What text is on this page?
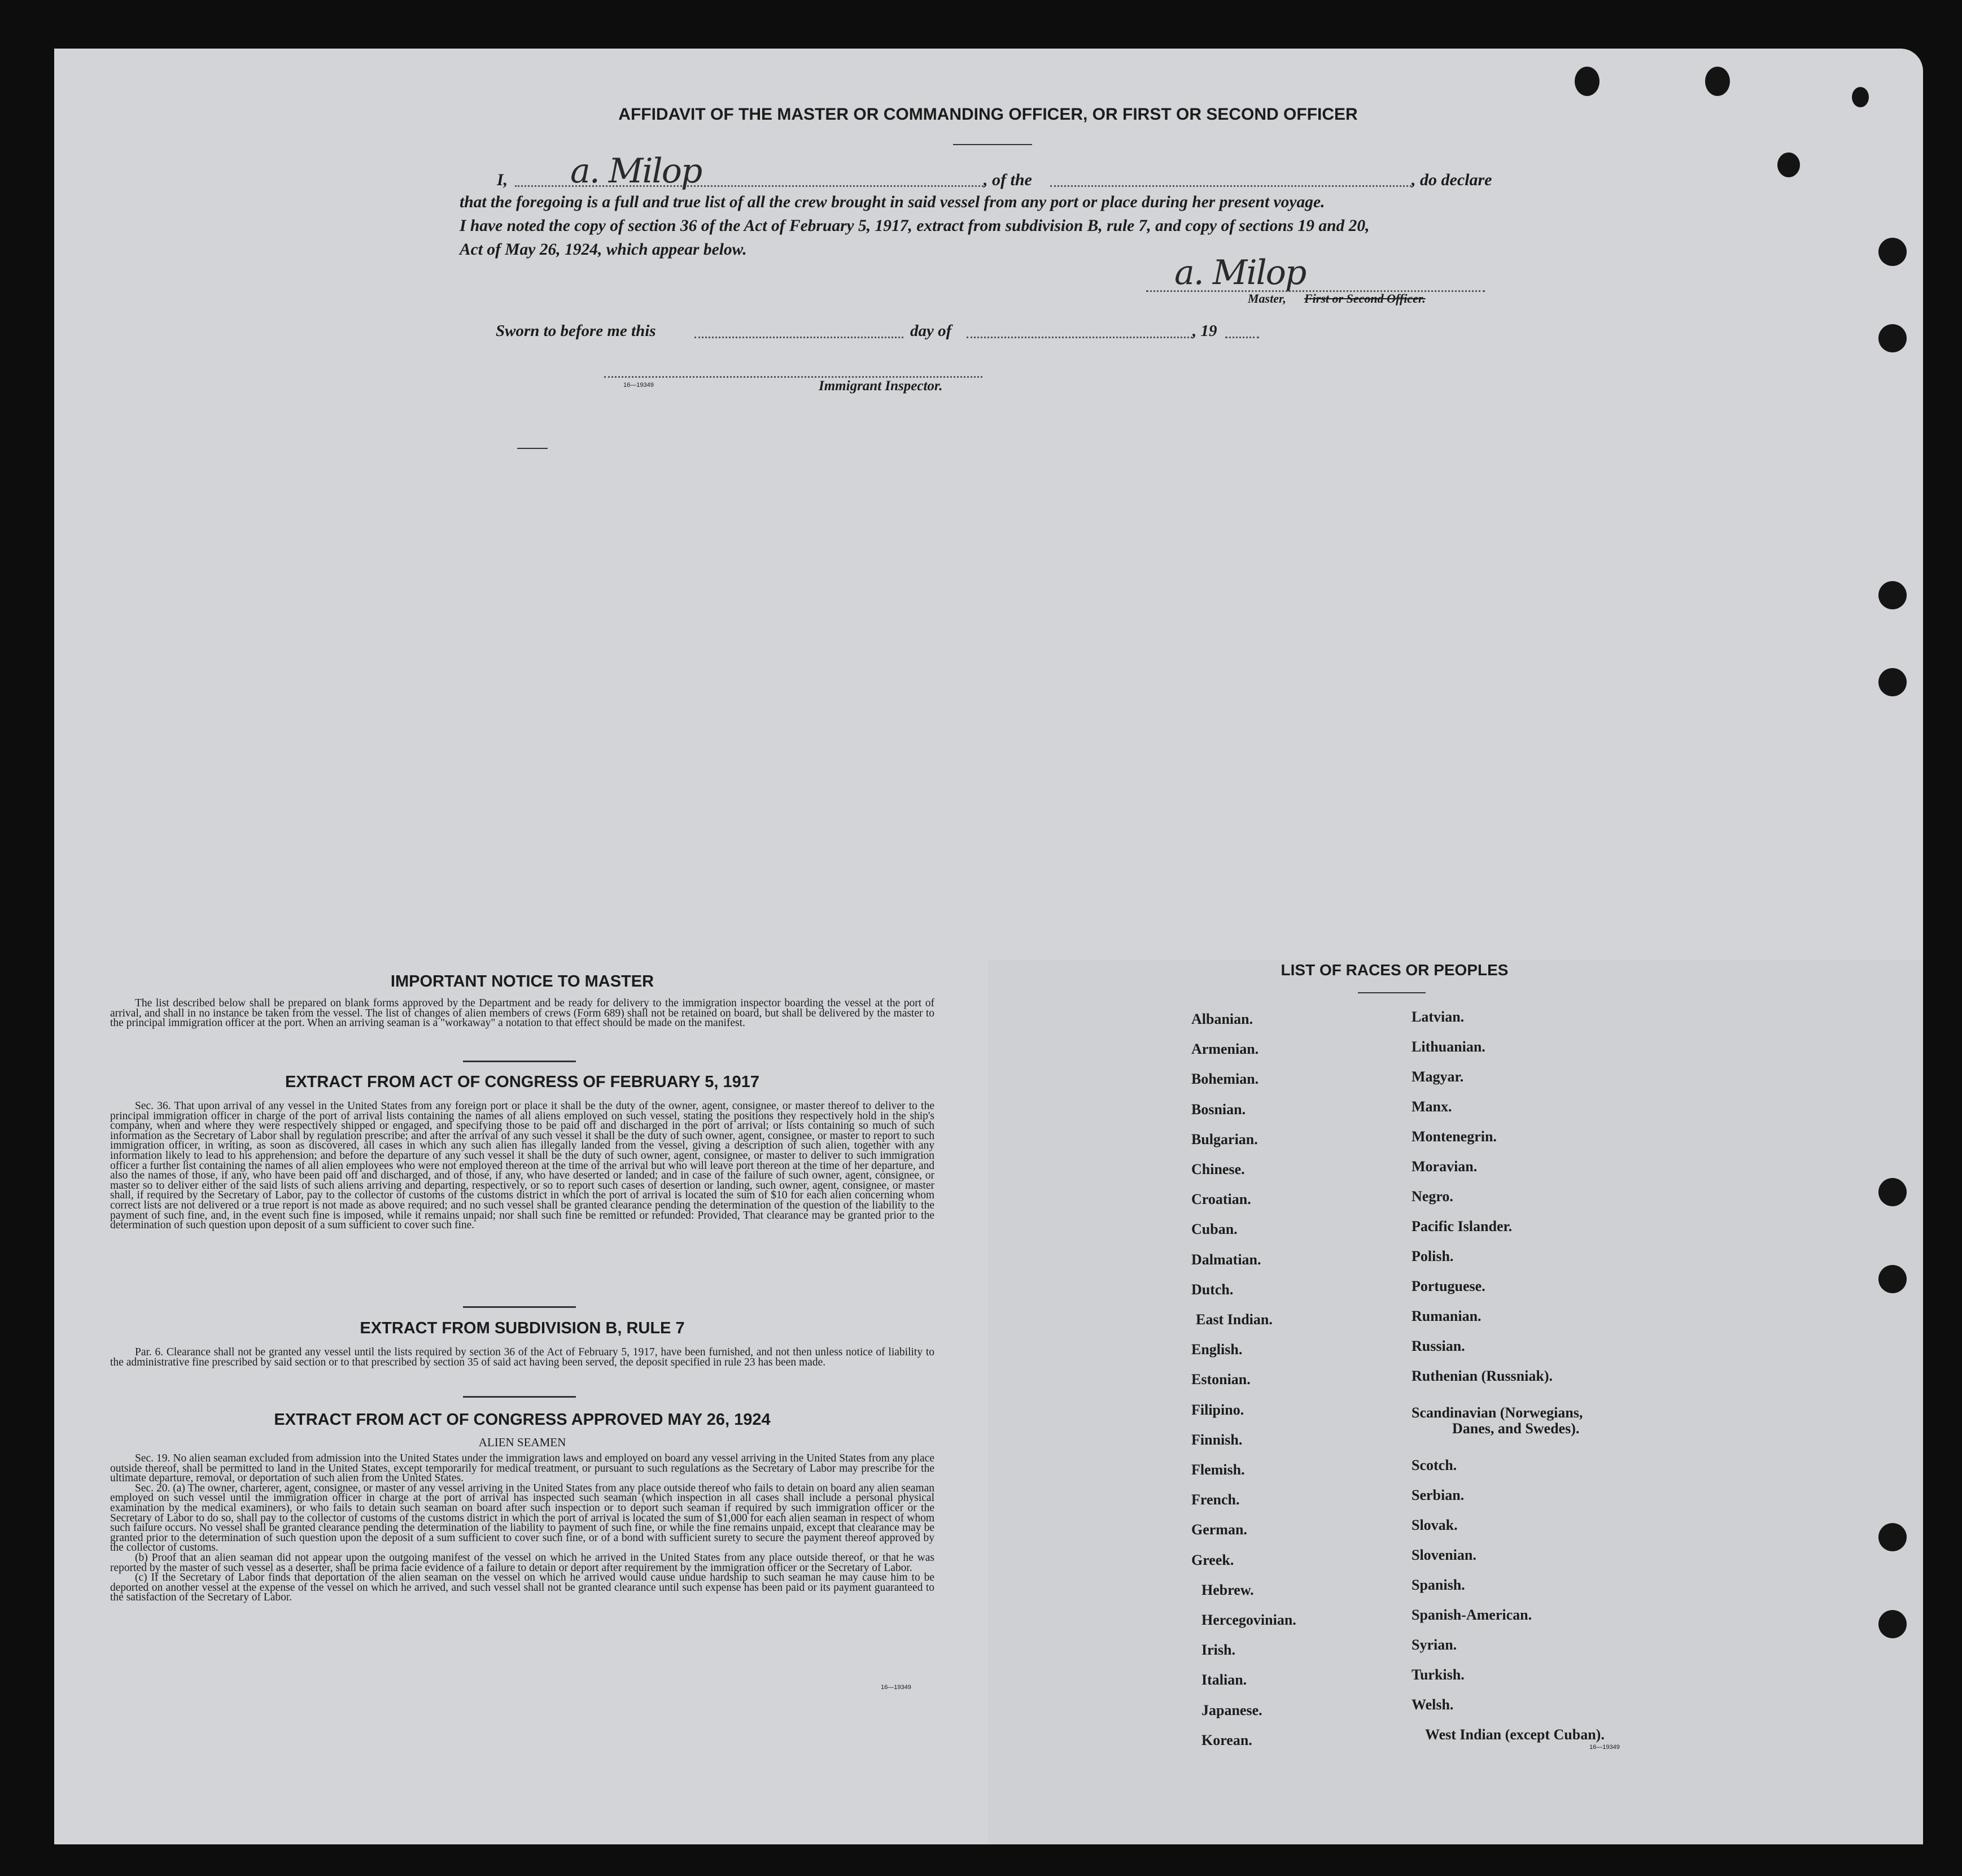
AFFIDAVIT OF THE MASTER OR COMMANDING OFFICER, OR FIRST OR SECOND OFFICER
I, a. Milop	, of the	, do declare
that the foregoing is a full and true list of all the crew brought in said vessel from any port or place during her present voyage.
I have noted the copy of section 36 of the Act of February 5, 1917, extract from subdivision B, rule 7, and copy of sections 19 and 20,
Act of May 26, 1924, which appear below.
a. Milop
Master, First or Second Officer.
Sworn to before me this	day of	, 19
16—19349	Immigrant Inspector.
IMPORTANT NOTICE TO MASTER

The list described below shall be prepared on blank forms approved by the Department and be ready for delivery to the immigration inspector boarding the vessel at the port of arrival, and shall in no instance be taken from the vessel. The list of changes of alien members of crews (Form 689) shall not be retained on board, but shall be delivered by the master to the principal immigration officer at the port. When an arriving seaman is a "workaway" a notation to that effect should be made on the manifest.

EXTRACT FROM ACT OF CONGRESS OF FEBRUARY 5, 1917

Sec. 36. That upon arrival of any vessel in the United States from any foreign port or place it shall be the duty of the owner, agent, consignee, or master thereof to deliver to the principal immigration officer in charge of the port of arrival lists containing the names of all aliens employed on such vessel, stating the positions they respectively hold in the ship's company, when and where they were respectively shipped or engaged, and specifying those to be paid off and discharged in the port of arrival; or lists containing so much of such information as the Secretary of Labor shall by regulation prescribe; and after the arrival of any such vessel it shall be the duty of such owner, agent, consignee, or master to report to such immigration officer, in writing, as soon as discovered, all cases in which any such alien has illegally landed from the vessel, giving a description of such alien, together with any information likely to lead to his apprehension; and before the departure of any such vessel it shall be the duty of such owner, agent, consignee, or master to deliver to such immigration officer a further list containing the names of all alien employees who were not employed thereon at the time of the arrival but who will leave port thereon at the time of her departure, and also the names of those, if any, who have been paid off and discharged, and of those, if any, who have deserted or landed; and in case of the failure of such owner, agent, consignee, or master so to deliver either of the said lists of such aliens arriving and departing, respectively, or so to report such cases of desertion or landing, such owner, agent, consignee, or master shall, if required by the Secretary of Labor, pay to the collector of customs of the customs district in which the port of arrival is located the sum of $10 for each alien concerning whom correct lists are not delivered or a true report is not made as above required; and no such vessel shall be granted clearance pending the determination of the question of the liability to the payment of such fine, and, in the event such fine is imposed, while it remains unpaid; nor shall such fine be remitted or refunded: Provided, That clearance may be granted prior to the determination of such question upon deposit of a sum sufficient to cover such fine.

EXTRACT FROM SUBDIVISION B, RULE 7

Par. 6. Clearance shall not be granted any vessel until the lists required by section 36 of the Act of February 5, 1917, have been furnished, and not then unless notice of liability to the administrative fine prescribed by said section or to that prescribed by section 35 of said act having been served, the deposit specified in rule 23 has been made.

EXTRACT FROM ACT OF CONGRESS APPROVED MAY 26, 1924
ALIEN SEAMEN

Sec. 19. No alien seaman excluded from admission into the United States under the immigration laws and employed on board any vessel arriving in the United States from any place outside thereof, shall be permitted to land in the United States, except temporarily for medical treatment, or pursuant to such regulations as the Secretary of Labor may prescribe for the ultimate departure, removal, or deportation of such alien from the United States.

Sec. 20. (a) The owner, charterer, agent, consignee, or master of any vessel arriving in the United States from any place outside thereof who fails to detain on board any alien seaman employed on such vessel until the immigration officer in charge at the port of arrival has inspected such seaman (which inspection in all cases shall include a personal physical examination by the medical examiners), or who fails to detain such seaman on board after such inspection or to deport such seaman if required by such immigration officer or the Secretary of Labor to do so, shall pay to the collector of customs of the customs district in which the port of arrival is located the sum of $1,000 for each alien seaman in respect of whom such failure occurs. No vessel shall be granted clearance pending the determination of the liability to payment of such fine, or while the fine remains unpaid, except that clearance may be granted prior to the determination of such question upon the deposit of a sum sufficient to cover such fine, or of a bond with sufficient surety to secure the payment thereof approved by the collector of customs.

(b) Proof that an alien seaman did not appear upon the outgoing manifest of the vessel on which he arrived in the United States from any place outside thereof, or that he was reported by the master of such vessel as a deserter, shall be prima facie evidence of a failure to detain or deport after requirement by the immigration officer or the Secretary of Labor.

(c) If the Secretary of Labor finds that deportation of the alien seaman on the vessel on which he arrived would cause undue hardship to such seaman he may cause him to be deported on another vessel at the expense of the vessel on which he arrived, and such vessel shall not be granted clearance until such expense has been paid or its payment guaranteed to the satisfaction of the Secretary of Labor.

16—19349
LIST OF RACES OR PEOPLES
Albanian.
Armenian.
Bohemian.
Bosnian.
Bulgarian.
Chinese.
Croatian.
Cuban.
Dalmatian.
Dutch.
East Indian.
English.
Estonian.
Filipino.
Finnish.
Flemish.
French.
German.
Greek.
Hebrew.
Hercegovinian.
Irish.
Italian.
Japanese.
Korean.
Latvian.
Lithuanian.
Magyar.
Manx.
Montenegrin.
Moravian.
Negro.
Pacific Islander.
Polish.
Portuguese.
Rumanian.
Russian.
Ruthenian (Russniak).
Scandinavian (Norwegians,
Danes, and Swedes).
Scotch.
Serbian.
Slovak.
Slovenian.
Spanish.
Spanish-American.
Syrian.
Turkish.
Welsh.
West Indian (except Cuban).
16—19349
